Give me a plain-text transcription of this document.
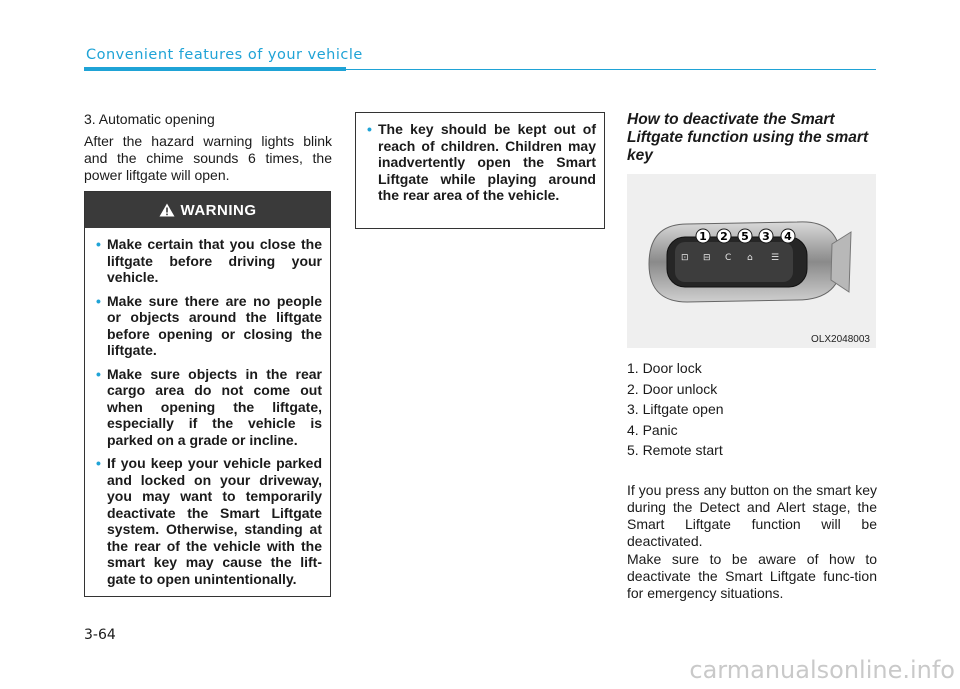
Convenient features of your vehicle

3. Automatic opening

After the hazard warning lights blink and the chime sounds 6 times, the power liftgate will open.

WARNING
• Make certain that you close the liftgate before driving your vehicle.
• Make sure there are no people or objects around the liftgate before opening or closing the liftgate.
• Make sure objects in the rear cargo area do not come out when opening the liftgate, especially if the vehicle is parked on a grade or incline.
• If you keep your vehicle parked and locked on your driveway, you may want to temporarily deactivate the Smart Liftgate system. Otherwise, standing at the rear of the vehicle with the smart key may cause the lift-gate to open unintentionally.
• The key should be kept out of reach of children. Children may inadvertently open the Smart Liftgate while playing around the rear area of the vehicle.
How to deactivate the Smart Liftgate function using the smart key
⊡ ⊟ C ⌂ ☰
1 2 5 3 4
OLX2048003
1. Door lock
2. Door unlock
3. Liftgate open
4. Panic
5. Remote start

If you press any button on the smart key during the Detect and Alert stage, the Smart Liftgate function will be deactivated.

Make sure to be aware of how to deactivate the Smart Liftgate func-tion for emergency situations.

3-64
carmanualsonline.info
